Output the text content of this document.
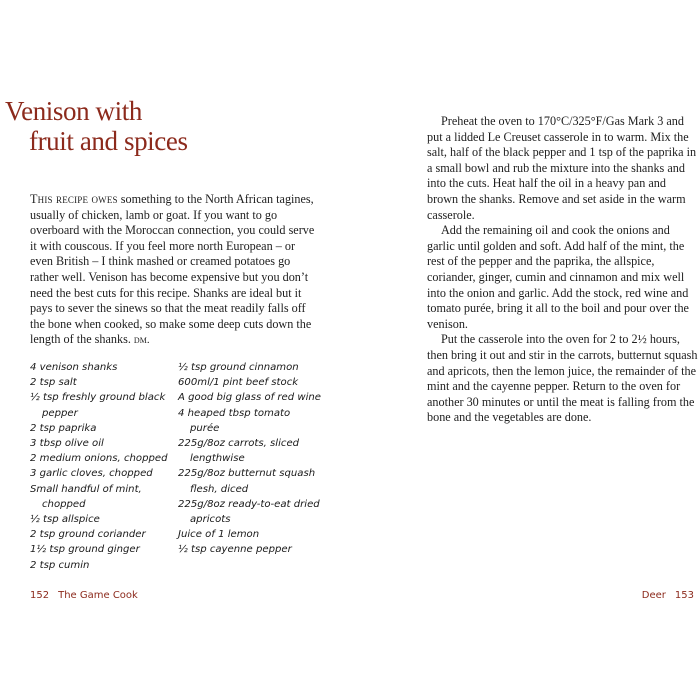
Venison with
fruit and spices
This recipe owes something to the North African tagines, usually of chicken, lamb or goat. If you want to go overboard with the Moroccan connection, you could serve it with couscous. If you feel more north European – or even British – I think mashed or creamed potatoes go rather well. Venison has become expensive but you don’t need the best cuts for this recipe. Shanks are ideal but it pays to sever the sinews so that the meat readily falls off the bone when cooked, so make some deep cuts down the length of the shanks. dm.
4 venison shanks
2 tsp salt
½ tsp freshly ground black pepper
2 tsp paprika
3 tbsp olive oil
2 medium onions, chopped
3 garlic cloves, chopped
Small handful of mint, chopped
½ tsp allspice
2 tsp ground coriander
1½ tsp ground ginger
2 tsp cumin
½ tsp ground cinnamon
600ml/1 pint beef stock
A good big glass of red wine
4 heaped tbsp tomato purée
225g/8oz carrots, sliced lengthwise
225g/8oz butternut squash flesh, diced
225g/8oz ready-to-eat dried apricots
Juice of 1 lemon
½ tsp cayenne pepper
152 The Game Cook

Preheat the oven to 170°C/325°F/Gas Mark 3 and put a lidded Le Creuset casserole in to warm. Mix the salt, half of the black pepper and 1 tsp of the paprika in a small bowl and rub the mixture into the shanks and into the cuts. Heat half the oil in a heavy pan and brown the shanks. Remove and set aside in the warm casserole.

Add the remaining oil and cook the onions and garlic until golden and soft. Add half of the mint, the rest of the pepper and the paprika, the allspice, coriander, ginger, cumin and cinnamon and mix well into the onion and garlic. Add the stock, red wine and tomato purée, bring it all to the boil and pour over the venison.

Put the casserole into the oven for 2 to 2½ hours, then bring it out and stir in the carrots, butternut squash and apricots, then the lemon juice, the remainder of the mint and the cayenne pepper. Return to the oven for another 30 minutes or until the meat is falling from the bone and the vegetables are done.

Deer 153
